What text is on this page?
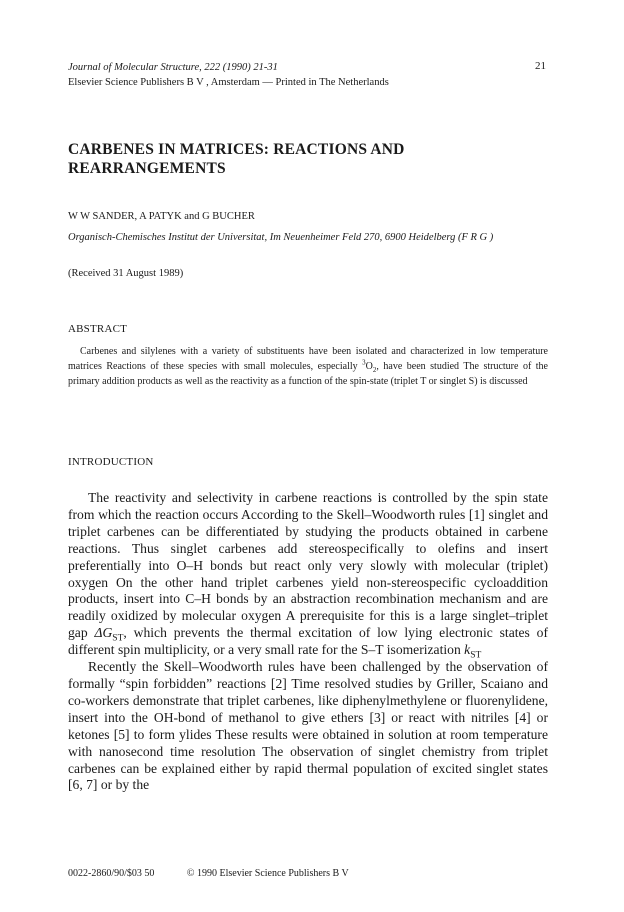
Journal of Molecular Structure, 222 (1990) 21-31	21
Elsevier Science Publishers B V , Amsterdam — Printed in The Netherlands
CARBENES IN MATRICES: REACTIONS AND REARRANGEMENTS
W W SANDER, A PATYK and G BUCHER
Organisch-Chemisches Institut der Universitat, Im Neuenheimer Feld 270, 6900 Heidelberg (F R G )
(Received 31 August 1989)
ABSTRACT
Carbenes and silylenes with a variety of substituents have been isolated and characterized in low temperature matrices Reactions of these species with small molecules, especially $^3O_2$, have been studied The structure of the primary addition products as well as the reactivity as a function of the spin-state (triplet T or singlet S) is discussed
INTRODUCTION

The reactivity and selectivity in carbene reactions is controlled by the spin state from which the reaction occurs According to the Skell–Woodworth rules [1] singlet and triplet carbenes can be differentiated by studying the products obtained in carbene reactions. Thus singlet carbenes add stereospecifically to olefins and insert preferentially into O–H bonds but react only very slowly with molecular (triplet) oxygen On the other hand triplet carbenes yield non-stereospecific cycloaddition products, insert into C–H bonds by an abstraction recombination mechanism and are readily oxidized by molecular oxygen A prerequisite for this is a large singlet–triplet gap $\Delta G_{ST}$, which prevents the thermal excitation of low lying electronic states of different spin multiplicity, or a very small rate for the S–T isomerization $k_{ST}$

Recently the Skell–Woodworth rules have been challenged by the observation of formally “spin forbidden” reactions [2] Time resolved studies by Griller, Scaiano and co-workers demonstrate that triplet carbenes, like diphenylmethylene or fluorenylidene, insert into the OH-bond of methanol to give ethers [3] or react with nitriles [4] or ketones [5] to form ylides These results were obtained in solution at room temperature with nanosecond time resolution The observation of singlet chemistry from triplet carbenes can be explained either by rapid thermal population of excited singlet states [6, 7] or by the

0022-2860/90/$03 50	© 1990 Elsevier Science Publishers B V
